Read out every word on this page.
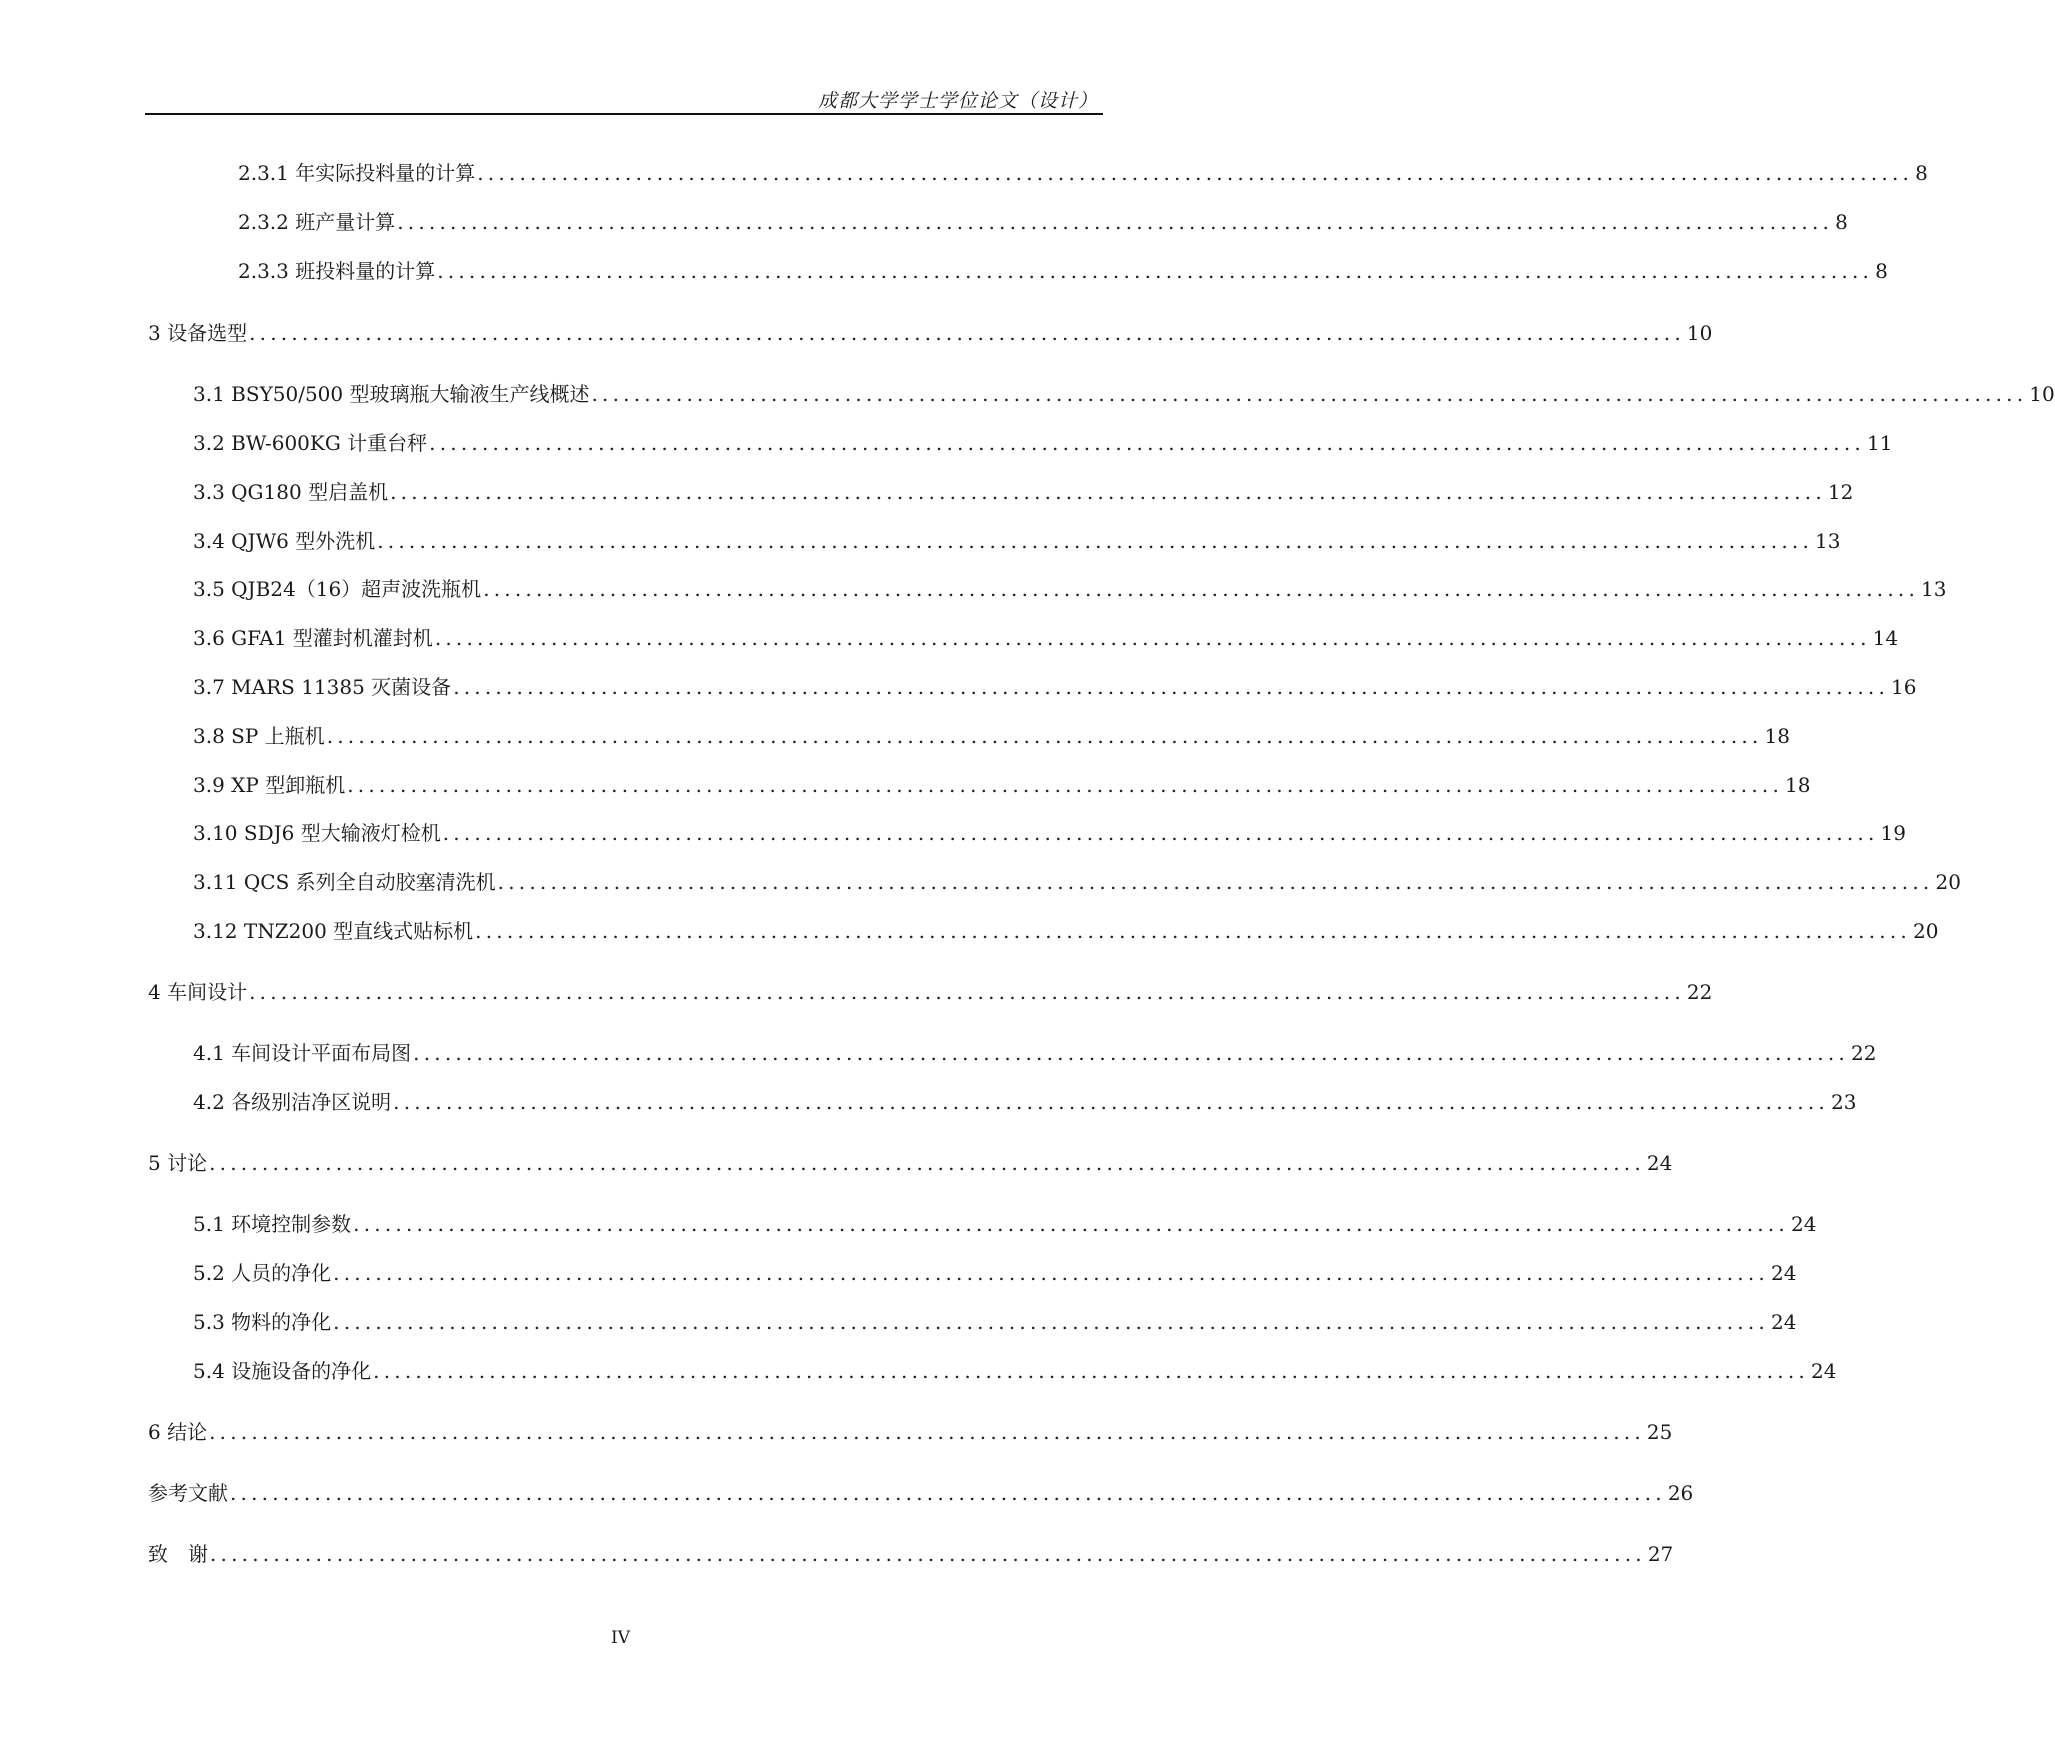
成都大学学士学位论文（设计）
2.3.1 年实际投料量的计算 ........................................................................................................................................ 8
2.3.2 班产量计算 ........................................................................................................................................ 8
2.3.3 班投料量的计算 ........................................................................................................................................ 8
3 设备选型 ........................................................................................................................................ 10
3.1 BSY50/500 型玻璃瓶大输液生产线概述 ........................................................................................................................................ 10
3.2 BW-600KG 计重台秤 ........................................................................................................................................ 11
3.3 QG180 型启盖机 ........................................................................................................................................ 12
3.4 QJW6 型外洗机 ........................................................................................................................................ 13
3.5 QJB24（16）超声波洗瓶机 ........................................................................................................................................ 13
3.6 GFA1 型灌封机灌封机 ........................................................................................................................................ 14
3.7 MARS 11385 灭菌设备 ........................................................................................................................................ 16
3.8 SP 上瓶机 ........................................................................................................................................ 18
3.9 XP 型卸瓶机 ........................................................................................................................................ 18
3.10 SDJ6 型大输液灯检机 ........................................................................................................................................ 19
3.11 QCS 系列全自动胶塞清洗机 ........................................................................................................................................ 20
3.12 TNZ200 型直线式贴标机 ........................................................................................................................................ 20
4 车间设计 ........................................................................................................................................ 22
4.1 车间设计平面布局图 ........................................................................................................................................ 22
4.2 各级别洁净区说明 ........................................................................................................................................ 23
5 讨论 ........................................................................................................................................ 24
5.1 环境控制参数 ........................................................................................................................................ 24
5.2 人员的净化 ........................................................................................................................................ 24
5.3 物料的净化 ........................................................................................................................................ 24
5.4 设施设备的净化 ........................................................................................................................................ 24
6 结论 ........................................................................................................................................ 25
参考文献 ........................................................................................................................................ 26
致　谢 ........................................................................................................................................ 27
IV
